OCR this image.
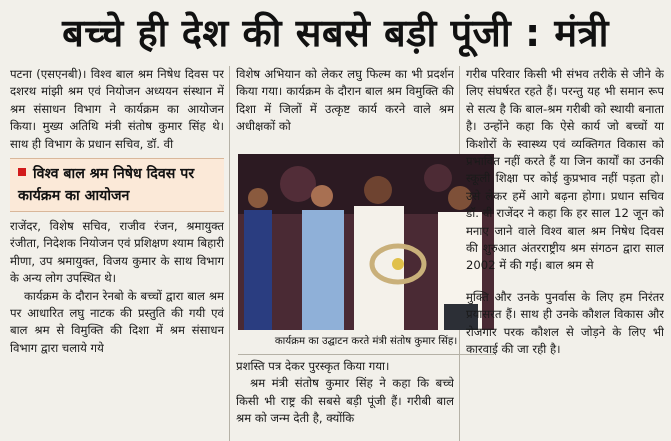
बच्चे ही देश की सबसे बड़ी पूंजी : मंत्री

पटना (एसएनबी)। विश्व बाल श्रम निषेध दिवस पर दशरथ मांझी श्रम एवं नियोजन अध्ययन संस्थान में श्रम संसाधन विभाग ने कार्यक्रम का आयोजन किया। मुख्य अतिथि मंत्री संतोष कुमार सिंह थे। साथ ही विभाग के प्रधान सचिव, डॉ. वी

विश्व बाल श्रम निषेध दिवस पर कार्यक्रम का आयोजन

राजेंदर, विशेष सचिव, राजीव रंजन, श्रमायुक्त रंजीता, निदेशक नियोजन एवं प्रशिक्षण श्याम बिहारी मीणा, उप श्रमायुक्त, विजय कुमार के साथ विभाग के अन्य लोग उपस्थित थे।

कार्यक्रम के दौरान रेनबो के बच्चों द्वारा बाल श्रम पर आधारित लघु नाटक की प्रस्तुति की गयी एवं बाल श्रम से विमुक्ति की दिशा में श्रम संसाधन विभाग द्वारा चलाये गये

विशेष अभियान को लेकर लघु फिल्म का भी प्रदर्शन किया गया। कार्यक्रम के दौरान बाल श्रम विमुक्ति की दिशा में जिलों में उत्कृष्ट कार्य करने वाले श्रम अधीक्षकों को

कार्यक्रम का उद्घाटन करते मंत्री संतोष कुमार सिंह।

प्रशस्ति पत्र देकर पुरस्कृत किया गया।

श्रम मंत्री संतोष कुमार सिंह ने कहा कि बच्चे किसी भी राष्ट्र की सबसे बड़ी पूंजी हैं। गरीबी बाल श्रम को जन्म देती है, क्योंकि

गरीब परिवार किसी भी संभव तरीके से जीने के लिए संघर्षरत रहते हैं। परन्तु यह भी समान रूप से सत्य है कि बाल-श्रम गरीबी को स्थायी बनाता है। उन्होंने कहा कि ऐसे कार्य जो बच्चों या किशोरों के स्वास्थ्य एवं व्यक्तिगत विकास को प्रभावित नहीं करते हैं या जिन कार्यों का उनकी स्कूली शिक्षा पर कोई कुप्रभाव नहीं पड़ता हो। उसे लेकर हमें आगे बढ़ना होगा। प्रधान सचिव डॉ. वी राजेंदर ने कहा कि हर साल 12 जून को मनाए जाने वाले विश्व बाल श्रम निषेध दिवस की शुरुआत अंतरराष्ट्रीय श्रम संगठन द्वारा साल 2002 में की गई। बाल श्रम से

मुक्ति और उनके पुनर्वास के लिए हम निरंतर प्रयासरत हैं। साथ ही उनके कौशल विकास और रोजगार परक कौशल से जोड़ने के लिए भी कारवाई की जा रही है।
